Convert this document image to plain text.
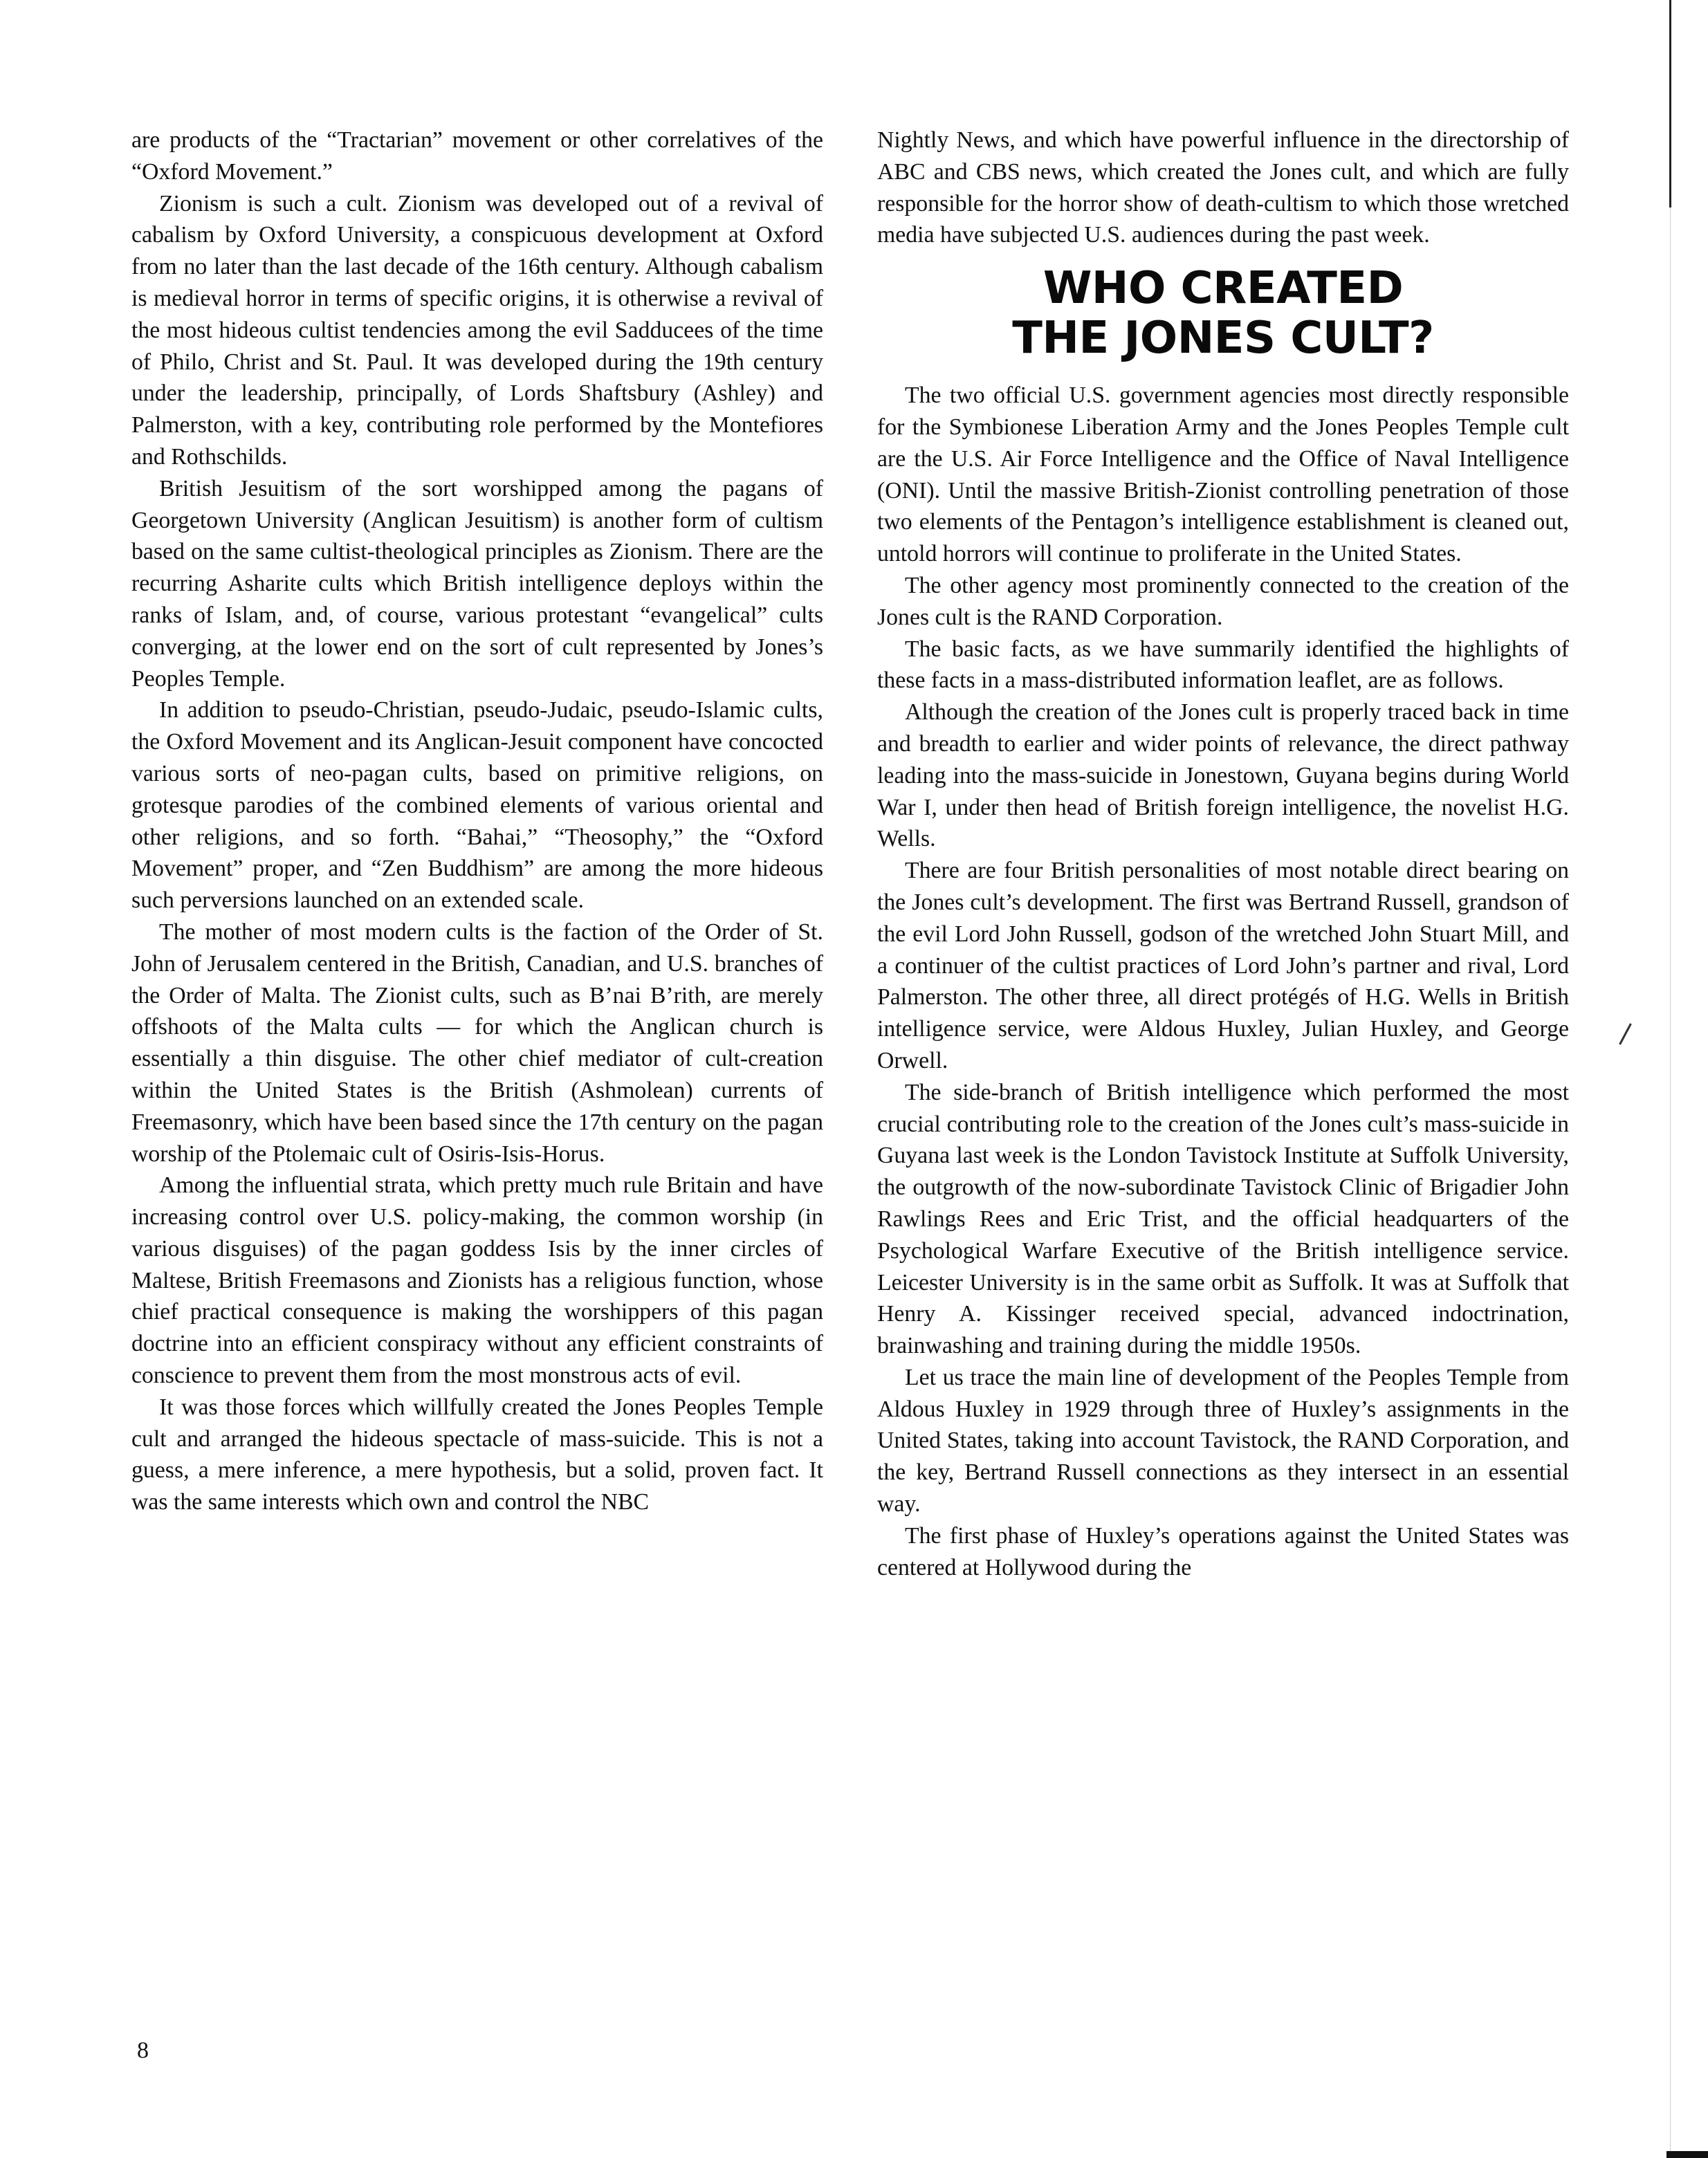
are products of the “Tractarian” movement or other correlatives of the “Oxford Movement.”

Zionism is such a cult. Zionism was developed out of a revival of cabalism by Oxford University, a conspicuous development at Oxford from no later than the last decade of the 16th century. Although cabalism is medieval horror in terms of specific origins, it is otherwise a revival of the most hideous cultist tendencies among the evil Sadducees of the time of Philo, Christ and St. Paul. It was developed during the 19th century under the leadership, principally, of Lords Shaftsbury (Ashley) and Palmerston, with a key, contributing role performed by the Montefiores and Rothschilds.

British Jesuitism of the sort worshipped among the pagans of Georgetown University (Anglican Jesuitism) is another form of cultism based on the same cultist-theological principles as Zionism. There are the recurring Asharite cults which British intelligence deploys within the ranks of Islam, and, of course, various protestant “evangelical” cults converging, at the lower end on the sort of cult represented by Jones’s Peoples Temple.

In addition to pseudo-Christian, pseudo-Judaic, pseudo-Islamic cults, the Oxford Movement and its Anglican-Jesuit component have concocted various sorts of neo-pagan cults, based on primitive religions, on grotesque parodies of the combined elements of various oriental and other religions, and so forth. “Bahai,” “Theosophy,” the “Oxford Movement” proper, and “Zen Buddhism” are among the more hideous such perversions launched on an extended scale.

The mother of most modern cults is the faction of the Order of St. John of Jerusalem centered in the British, Canadian, and U.S. branches of the Order of Malta. The Zionist cults, such as B’nai B’rith, are merely offshoots of the Malta cults — for which the Anglican church is essentially a thin disguise. The other chief mediator of cult-creation within the United States is the British (Ashmolean) currents of Freemasonry, which have been based since the 17th century on the pagan worship of the Ptolemaic cult of Osiris-Isis-Horus.

Among the influential strata, which pretty much rule Britain and have increasing control over U.S. policy-making, the common worship (in various disguises) of the pagan goddess Isis by the inner circles of Maltese, British Freemasons and Zionists has a religious function, whose chief practical consequence is making the worshippers of this pagan doctrine into an efficient conspiracy without any efficient constraints of conscience to prevent them from the most monstrous acts of evil.

It was those forces which willfully created the Jones Peoples Temple cult and arranged the hideous spectacle of mass-suicide. This is not a guess, a mere inference, a mere hypothesis, but a solid, proven fact. It was the same interests which own and control the NBC

Nightly News, and which have powerful influence in the directorship of ABC and CBS news, which created the Jones cult, and which are fully responsible for the horror show of death-cultism to which those wretched media have subjected U.S. audiences during the past week.

WHO CREATED
THE JONES CULT?

The two official U.S. government agencies most directly responsible for the Symbionese Liberation Army and the Jones Peoples Temple cult are the U.S. Air Force Intelligence and the Office of Naval Intelligence (ONI). Until the massive British-Zionist controlling penetration of those two elements of the Pentagon’s intelligence establishment is cleaned out, untold horrors will continue to proliferate in the United States.

The other agency most prominently connected to the creation of the Jones cult is the RAND Corporation.

The basic facts, as we have summarily identified the highlights of these facts in a mass-distributed information leaflet, are as follows.

Although the creation of the Jones cult is properly traced back in time and breadth to earlier and wider points of relevance, the direct pathway leading into the mass-suicide in Jonestown, Guyana begins during World War I, under then head of British foreign intelligence, the novelist H.G. Wells.

There are four British personalities of most notable direct bearing on the Jones cult’s development. The first was Bertrand Russell, grandson of the evil Lord John Russell, godson of the wretched John Stuart Mill, and a continuer of the cultist practices of Lord John’s partner and rival, Lord Palmerston. The other three, all direct protégés of H.G. Wells in British intelligence service, were Aldous Huxley, Julian Huxley, and George Orwell.

The side-branch of British intelligence which performed the most crucial contributing role to the creation of the Jones cult’s mass-suicide in Guyana last week is the London Tavistock Institute at Suffolk University, the outgrowth of the now-subordinate Tavistock Clinic of Brigadier John Rawlings Rees and Eric Trist, and the official headquarters of the Psychological Warfare Executive of the British intelligence service. Leicester University is in the same orbit as Suffolk. It was at Suffolk that Henry A. Kissinger received special, advanced indoctrination, brainwashing and training during the middle 1950s.

Let us trace the main line of development of the Peoples Temple from Aldous Huxley in 1929 through three of Huxley’s assignments in the United States, taking into account Tavistock, the RAND Corporation, and the key, Bertrand Russell connections as they intersect in an essential way.

The first phase of Huxley’s operations against the United States was centered at Hollywood during the

8
